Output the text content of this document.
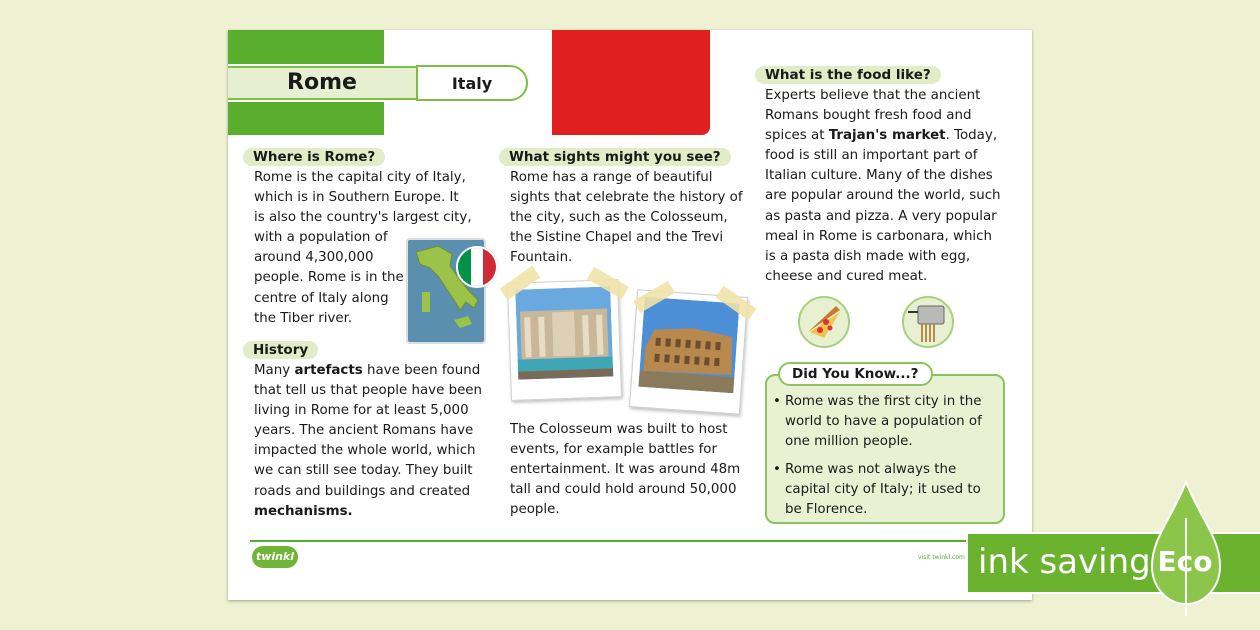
Rome	Italy
Where is Rome?
Rome is the capital city of Italy,
which is in Southern Europe. It
is also the country's largest city,
with a population of
around 4,300,000
people. Rome is in the
centre of Italy along
the Tiber river.
History
Many artefacts have been found
that tell us that people have been
living in Rome for at least 5,000
years. The ancient Romans have
impacted the whole world, which
we can still see today. They built
roads and buildings and created
mechanisms.
What sights might you see?
Rome has a range of beautiful
sights that celebrate the history of
the city, such as the Colosseum,
the Sistine Chapel and the Trevi
Fountain.
The Colosseum was built to host
events, for example battles for
entertainment. It was around 48m
tall and could hold around 50,000
people.
What is the food like?
Experts believe that the ancient
Romans bought fresh food and
spices at Trajan's market. Today,
food is still an important part of
Italian culture. Many of the dishes
are popular around the world, such
as pasta and pizza. A very popular
meal in Rome is carbonara, which
is a pasta dish made with egg,
cheese and cured meat.
Did You Know...?
• Rome was the first city in the
world to have a population of
one million people.
• Rome was not always the
capital city of Italy; it used to
be Florence.
twinkl	visit twinkl.com ink saving Eco
